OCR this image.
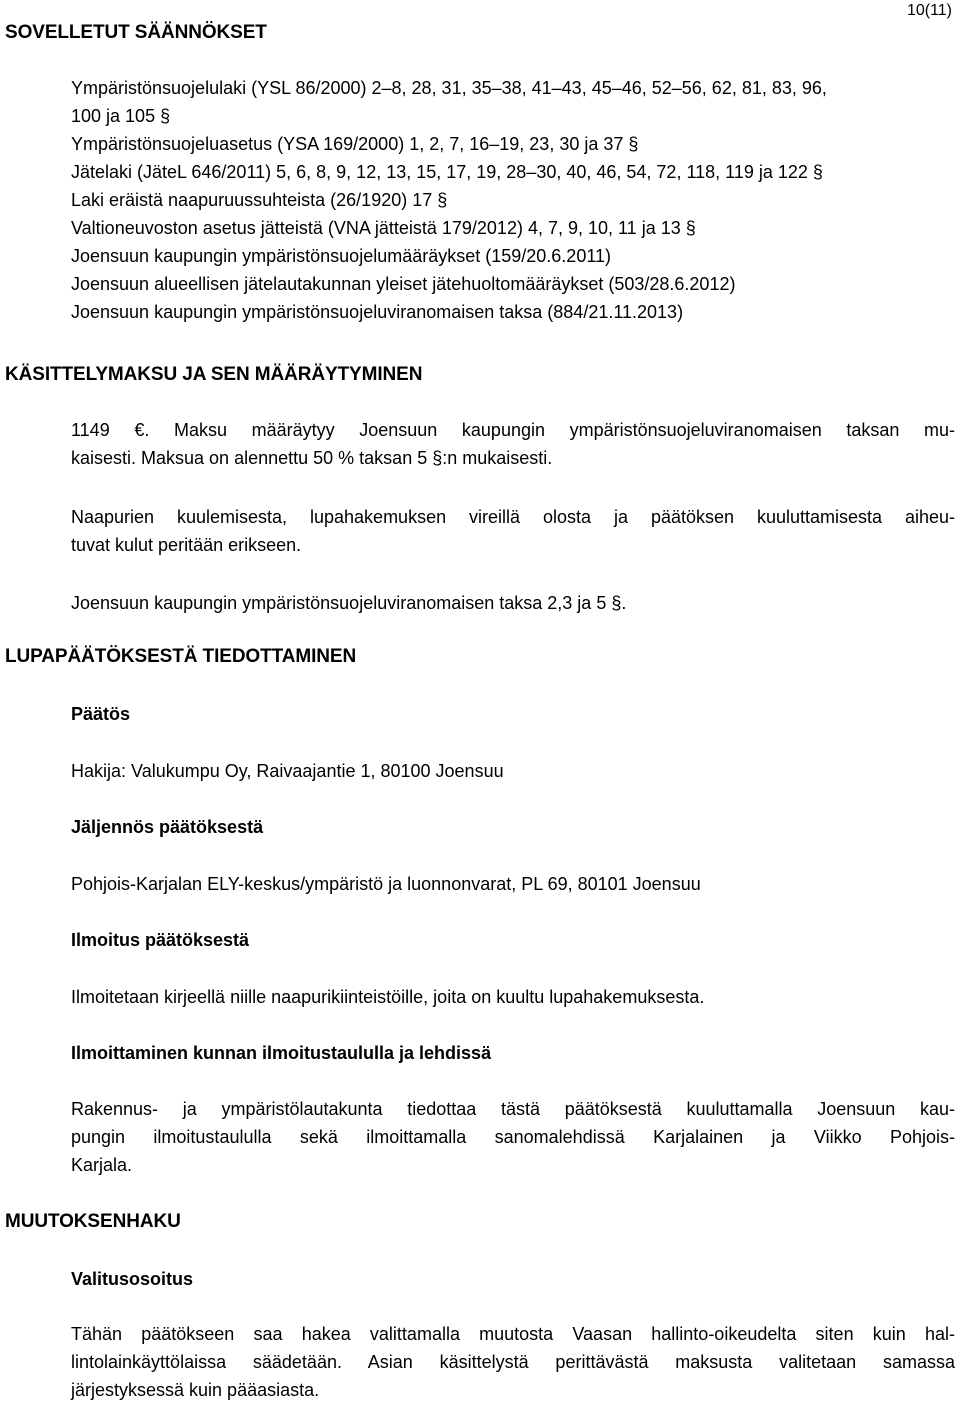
10(11)
SOVELLETUT SÄÄNNÖKSET
Ympäristönsuojelulaki (YSL 86/2000) 2–8, 28, 31, 35–38, 41–43, 45–46, 52–56, 62, 81, 83, 96,
100 ja 105 §
Ympäristönsuojeluasetus (YSA 169/2000) 1, 2, 7, 16–19, 23, 30 ja 37 §
Jätelaki (JäteL 646/2011) 5, 6, 8, 9, 12, 13, 15, 17, 19, 28–30, 40, 46, 54, 72, 118, 119 ja 122 §
Laki eräistä naapuruussuhteista (26/1920) 17 §
Valtioneuvoston asetus jätteistä (VNA jätteistä 179/2012) 4, 7, 9, 10, 11 ja 13 §
Joensuun kaupungin ympäristönsuojelumääräykset (159/20.6.2011)
Joensuun alueellisen jätelautakunnan yleiset jätehuoltomääräykset (503/28.6.2012)
Joensuun kaupungin ympäristönsuojeluviranomaisen taksa (884/21.11.2013)
KÄSITTELYMAKSU JA SEN MÄÄRÄYTYMINEN
1149 €. Maksu määräytyy Joensuun kaupungin ympäristönsuojeluviranomaisen taksan mu-
kaisesti. Maksua on alennettu 50 % taksan 5 §:n mukaisesti.
Naapurien kuulemisesta, lupahakemuksen vireillä olosta ja päätöksen kuuluttamisesta aiheu-
tuvat kulut peritään erikseen.
Joensuun kaupungin ympäristönsuojeluviranomaisen taksa 2,3 ja 5 §.
LUPAPÄÄTÖKSESTÄ TIEDOTTAMINEN
Päätös
Hakija: Valukumpu Oy, Raivaajantie 1, 80100 Joensuu
Jäljennös päätöksestä
Pohjois-Karjalan ELY-keskus/ympäristö ja luonnonvarat, PL 69, 80101 Joensuu
Ilmoitus päätöksestä
Ilmoitetaan kirjeellä niille naapurikiinteistöille, joita on kuultu lupahakemuksesta.
Ilmoittaminen kunnan ilmoitustaululla ja lehdissä
Rakennus- ja ympäristölautakunta tiedottaa tästä päätöksestä kuuluttamalla Joensuun kau-
pungin ilmoitustaululla sekä ilmoittamalla sanomalehdissä Karjalainen ja Viikko Pohjois-
Karjala.
MUUTOKSENHAKU
Valitusosoitus
Tähän päätökseen saa hakea valittamalla muutosta Vaasan hallinto-oikeudelta siten kuin hal-
lintolainkäyttölaissa säädetään. Asian käsittelystä perittävästä maksusta valitetaan samassa
järjestyksessä kuin pääasiasta.
